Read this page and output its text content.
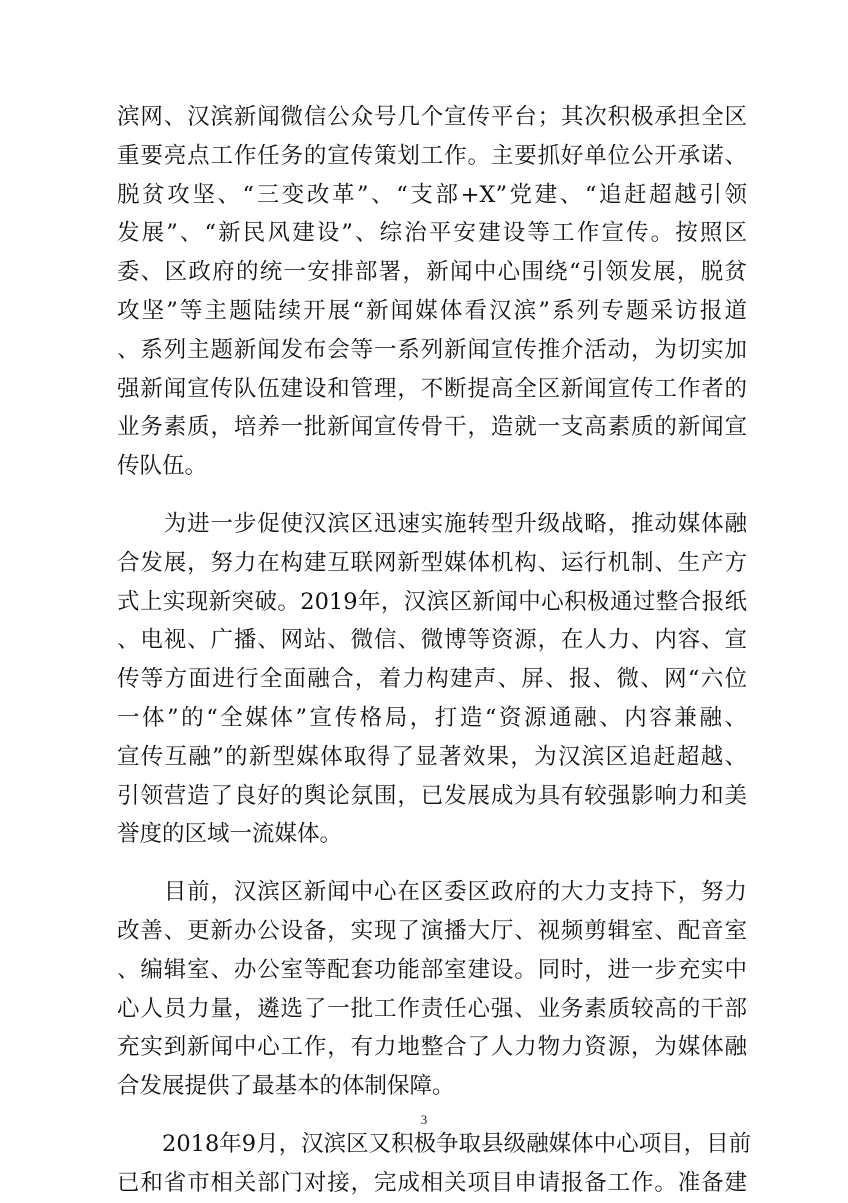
滨网、汉滨新闻微信公众号几个宣传平台；其次积极承担全区
重要亮点工作任务的宣传策划工作。主要抓好单位公开承诺、
脱贫攻坚、“三变改革”、“支部+X”党建、“追赶超越引领
发展”、“新民风建设”、综治平安建设等工作宣传。按照区
委、区政府的统一安排部署，新闻中心围绕“引领发展，脱贫
攻坚”等主题陆续开展“新闻媒体看汉滨”系列专题采访报道
、系列主题新闻发布会等一系列新闻宣传推介活动，为切实加
强新闻宣传队伍建设和管理，不断提高全区新闻宣传工作者的
业务素质，培养一批新闻宣传骨干，造就一支高素质的新闻宣
传队伍。

　　为进一步促使汉滨区迅速实施转型升级战略，推动媒体融
合发展，努力在构建互联网新型媒体机构、运行机制、生产方
式上实现新突破。2019年，汉滨区新闻中心积极通过整合报纸
、电视、广播、网站、微信、微博等资源，在人力、内容、宣
传等方面进行全面融合，着力构建声、屏、报、微、网“六位
一体”的“全媒体”宣传格局，打造“资源通融、内容兼融、
宣传互融”的新型媒体取得了显著效果，为汉滨区追赶超越、
引领营造了良好的舆论氛围，已发展成为具有较强影响力和美
誉度的区域一流媒体。

　　目前，汉滨区新闻中心在区委区政府的大力支持下，努力
改善、更新办公设备，实现了演播大厅、视频剪辑室、配音室
、编辑室、办公室等配套功能部室建设。同时，进一步充实中
心人员力量，遴选了一批工作责任心强、业务素质较高的干部
充实到新闻中心工作，有力地整合了人力物力资源，为媒体融
合发展提供了最基本的体制保障。

　　2018年9月，汉滨区又积极争取县级融媒体中心项目，目前
已和省市相关部门对接，完成相关项目申请报备工作。准备建

3
